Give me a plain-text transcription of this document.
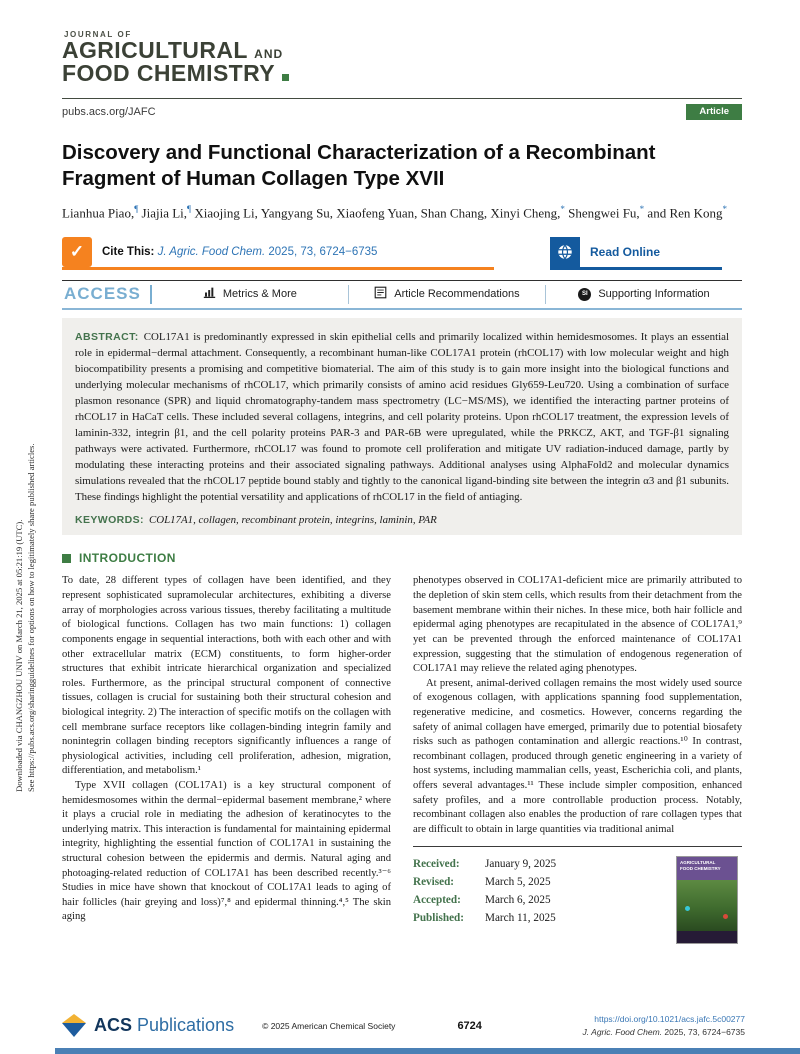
Downloaded via CHANGZHOU UNIV on March 21, 2025 at 05:21:19 (UTC). See https://pubs.acs.org/sharingguidelines for options on how to legitimately share published articles.
JOURNAL OF
AGRICULTURAL AND
FOOD CHEMISTRY
pubs.acs.org/JAFC	Article
Discovery and Functional Characterization of a Recombinant
Fragment of Human Collagen Type XVII
Lianhua Piao,¶ Jiajia Li,¶ Xiaojing Li, Yangyang Su, Xiaofeng Yuan, Shan Chang, Xinyi Cheng,* Shengwei Fu,* and Ren Kong*
✓	Cite This: J. Agric. Food Chem. 2025, 73, 6724−6735	Read Online
ACCESS	Metrics & More	Article Recommendations	SI Supporting Information
ABSTRACT: COL17A1 is predominantly expressed in skin epithelial cells and primarily localized within hemidesmosomes. It plays an essential role in epidermal−dermal attachment. Consequently, a recombinant human-like COL17A1 protein (rhCOL17) with low molecular weight and high biocompatibility presents a promising and competitive biomaterial. The aim of this study is to gain more insight into the biological functions and underlying molecular mechanisms of rhCOL17, which primarily consists of amino acid residues Gly659-Leu720. Using a combination of surface plasmon resonance (SPR) and liquid chromatography-tandem mass spectrometry (LC−MS/MS), we identified the interacting partner proteins of rhCOL17 in HaCaT cells. These included several collagens, integrins, and cell polarity proteins. Upon rhCOL17 treatment, the expression levels of laminin-332, integrin β1, and the cell polarity proteins PAR-3 and PAR-6B were upregulated, while the PRKCZ, AKT, and TGF-β1 signaling pathways were activated. Furthermore, rhCOL17 was found to promote cell proliferation and mitigate UV radiation-induced damage, partly by modulating these interacting proteins and their associated signaling pathways. Additional analyses using AlphaFold2 and molecular dynamics simulations revealed that the rhCOL17 peptide bound stably and tightly to the canonical ligand-binding site between the integrin α3 and β1 subunits. These findings highlight the potential versatility and applications of rhCOL17 in the field of antiaging.
KEYWORDS: COL17A1, collagen, recombinant protein, integrins, laminin, PAR
INTRODUCTION

To date, 28 different types of collagen have been identified, and they represent sophisticated supramolecular architectures, exhibiting a diverse array of morphologies across various tissues, thereby facilitating a multitude of biological functions. Collagen has two main functions: 1) collagen components engage in sequential interactions, both with each other and with other extracellular matrix (ECM) constituents, to form higher-order structures that exhibit intricate hierarchical organization and specialized roles. Furthermore, as the principal structural component of connective tissues, collagen is crucial for sustaining both their structural cohesion and biological integrity. 2) The interaction of specific motifs on the collagen with cell membrane surface receptors like collagen-binding integrin family and nonintegrin collagen binding receptors significantly influences a range of physiological activities, including cell proliferation, adhesion, migration, differentiation, and metabolism.¹

Type XVII collagen (COL17A1) is a key structural component of hemidesmosomes within the dermal−epidermal basement membrane,² where it plays a crucial role in mediating the adhesion of keratinocytes to the underlying matrix. This interaction is fundamental for maintaining epidermal integrity, highlighting the essential function of COL17A1 in sustaining the structural cohesion between the epidermis and dermis. Natural aging and photoaging-related reduction of COL17A1 has been described recently.³⁻⁶ Studies in mice have shown that knockout of COL17A1 leads to aging of hair follicles (hair greying and loss)⁷,⁸ and epidermal thinning.⁴,⁵ The skin aging

phenotypes observed in COL17A1-deficient mice are primarily attributed to the depletion of skin stem cells, which results from their detachment from the basement membrane within their niches. In these mice, both hair follicle and epidermal aging phenotypes are recapitulated in the absence of COL17A1,⁹ yet can be prevented through the enforced maintenance of COL17A1 expression, suggesting that the stimulation of endogenous regeneration of COL17A1 may relieve the related aging phenotypes.

At present, animal-derived collagen remains the most widely used source of exogenous collagen, with applications spanning food supplementation, regenerative medicine, and cosmetics. However, concerns regarding the safety of animal collagen have emerged, primarily due to potential biosafety risks such as pathogen contamination and allergic reactions.¹⁰ In contrast, recombinant collagen, produced through genetic engineering in a variety of host systems, including mammalian cells, yeast, Escherichia coli, and plants, offers several advantages.¹¹ These include simpler composition, enhanced safety profiles, and a more controllable production process. Notably, recombinant collagen also enables the production of rare collagen types that are difficult to obtain in large quantities via traditional animal

Received: January 9, 2025
Revised:	March 5, 2025
Accepted: March 6, 2025
Published: March 11, 2025
AGRICULTURAL
FOOD CHEMISTRY
ACS Publications	© 2025 American Chemical Society	6724
https://doi.org/10.1021/acs.jafc.5c00277
J. Agric. Food Chem. 2025, 73, 6724−6735
